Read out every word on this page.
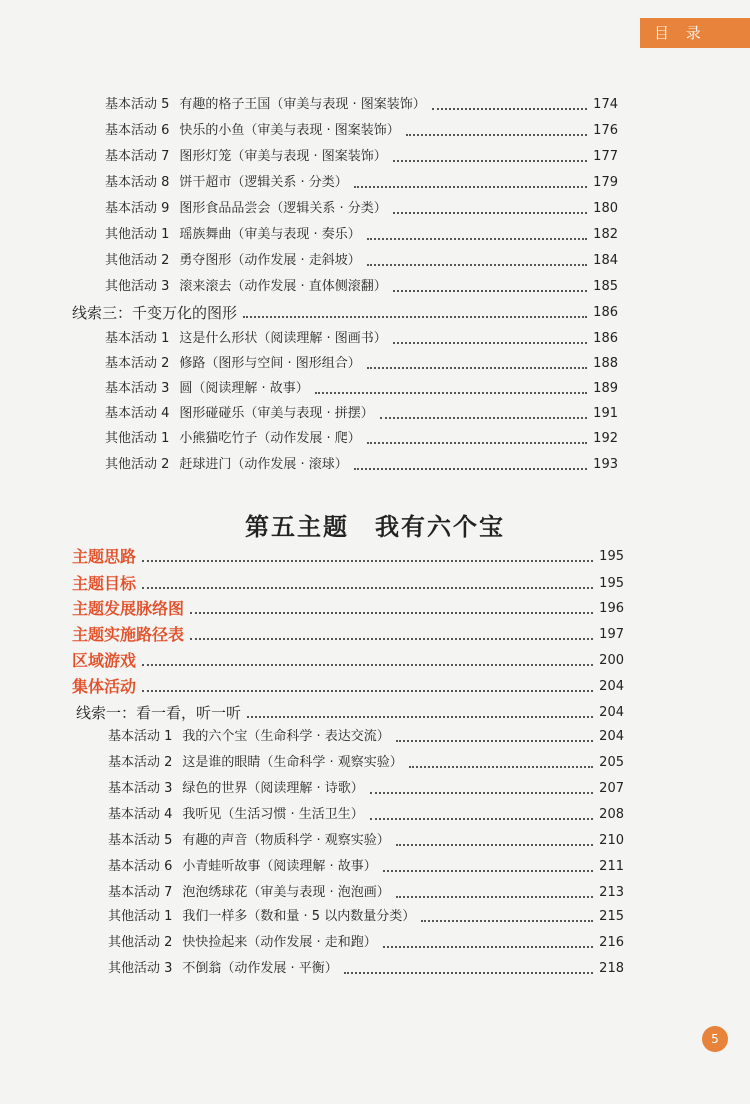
目 录
基本活动 5 有趣的格子王国（审美与表现 · 图案装饰）	174
基本活动 6 快乐的小鱼（审美与表现 · 图案装饰）	176
基本活动 7 图形灯笼（审美与表现 · 图案装饰）	177
基本活动 8 饼干超市（逻辑关系 · 分类）	179
基本活动 9 图形食品品尝会（逻辑关系 · 分类）	180
其他活动 1 瑶族舞曲（审美与表现 · 奏乐）	182
其他活动 2 勇夺图形（动作发展 · 走斜坡）	184
其他活动 3 滚来滚去（动作发展 · 直体侧滚翻）	185
线索三：千变万化的图形	186
基本活动 1 这是什么形状（阅读理解 · 图画书）	186
基本活动 2 修路（图形与空间 · 图形组合）	188
基本活动 3 圆（阅读理解 · 故事）	189
基本活动 4 图形碰碰乐（审美与表现 · 拼摆）	191
其他活动 1 小熊猫吃竹子（动作发展 · 爬）	192
其他活动 2 赶球进门（动作发展 · 滚球）	193
第五主题　我有六个宝
主题思路	195
主题目标	195
主题发展脉络图	196
主题实施路径表	197
区域游戏	200
集体活动	204
线索一：看一看，听一听	204
基本活动 1 我的六个宝（生命科学 · 表达交流）	204
基本活动 2 这是谁的眼睛（生命科学 · 观察实验）	205
基本活动 3 绿色的世界（阅读理解 · 诗歌）	207
基本活动 4 我听见（生活习惯 · 生活卫生）	208
基本活动 5 有趣的声音（物质科学 · 观察实验）	210
基本活动 6 小青蛙听故事（阅读理解 · 故事）	211
基本活动 7 泡泡绣球花（审美与表现 · 泡泡画）	213
其他活动 1 我们一样多（数和量 · 5 以内数量分类）	215
其他活动 2 快快捡起来（动作发展 · 走和跑）	216
其他活动 3 不倒翁（动作发展 · 平衡）	218
5
